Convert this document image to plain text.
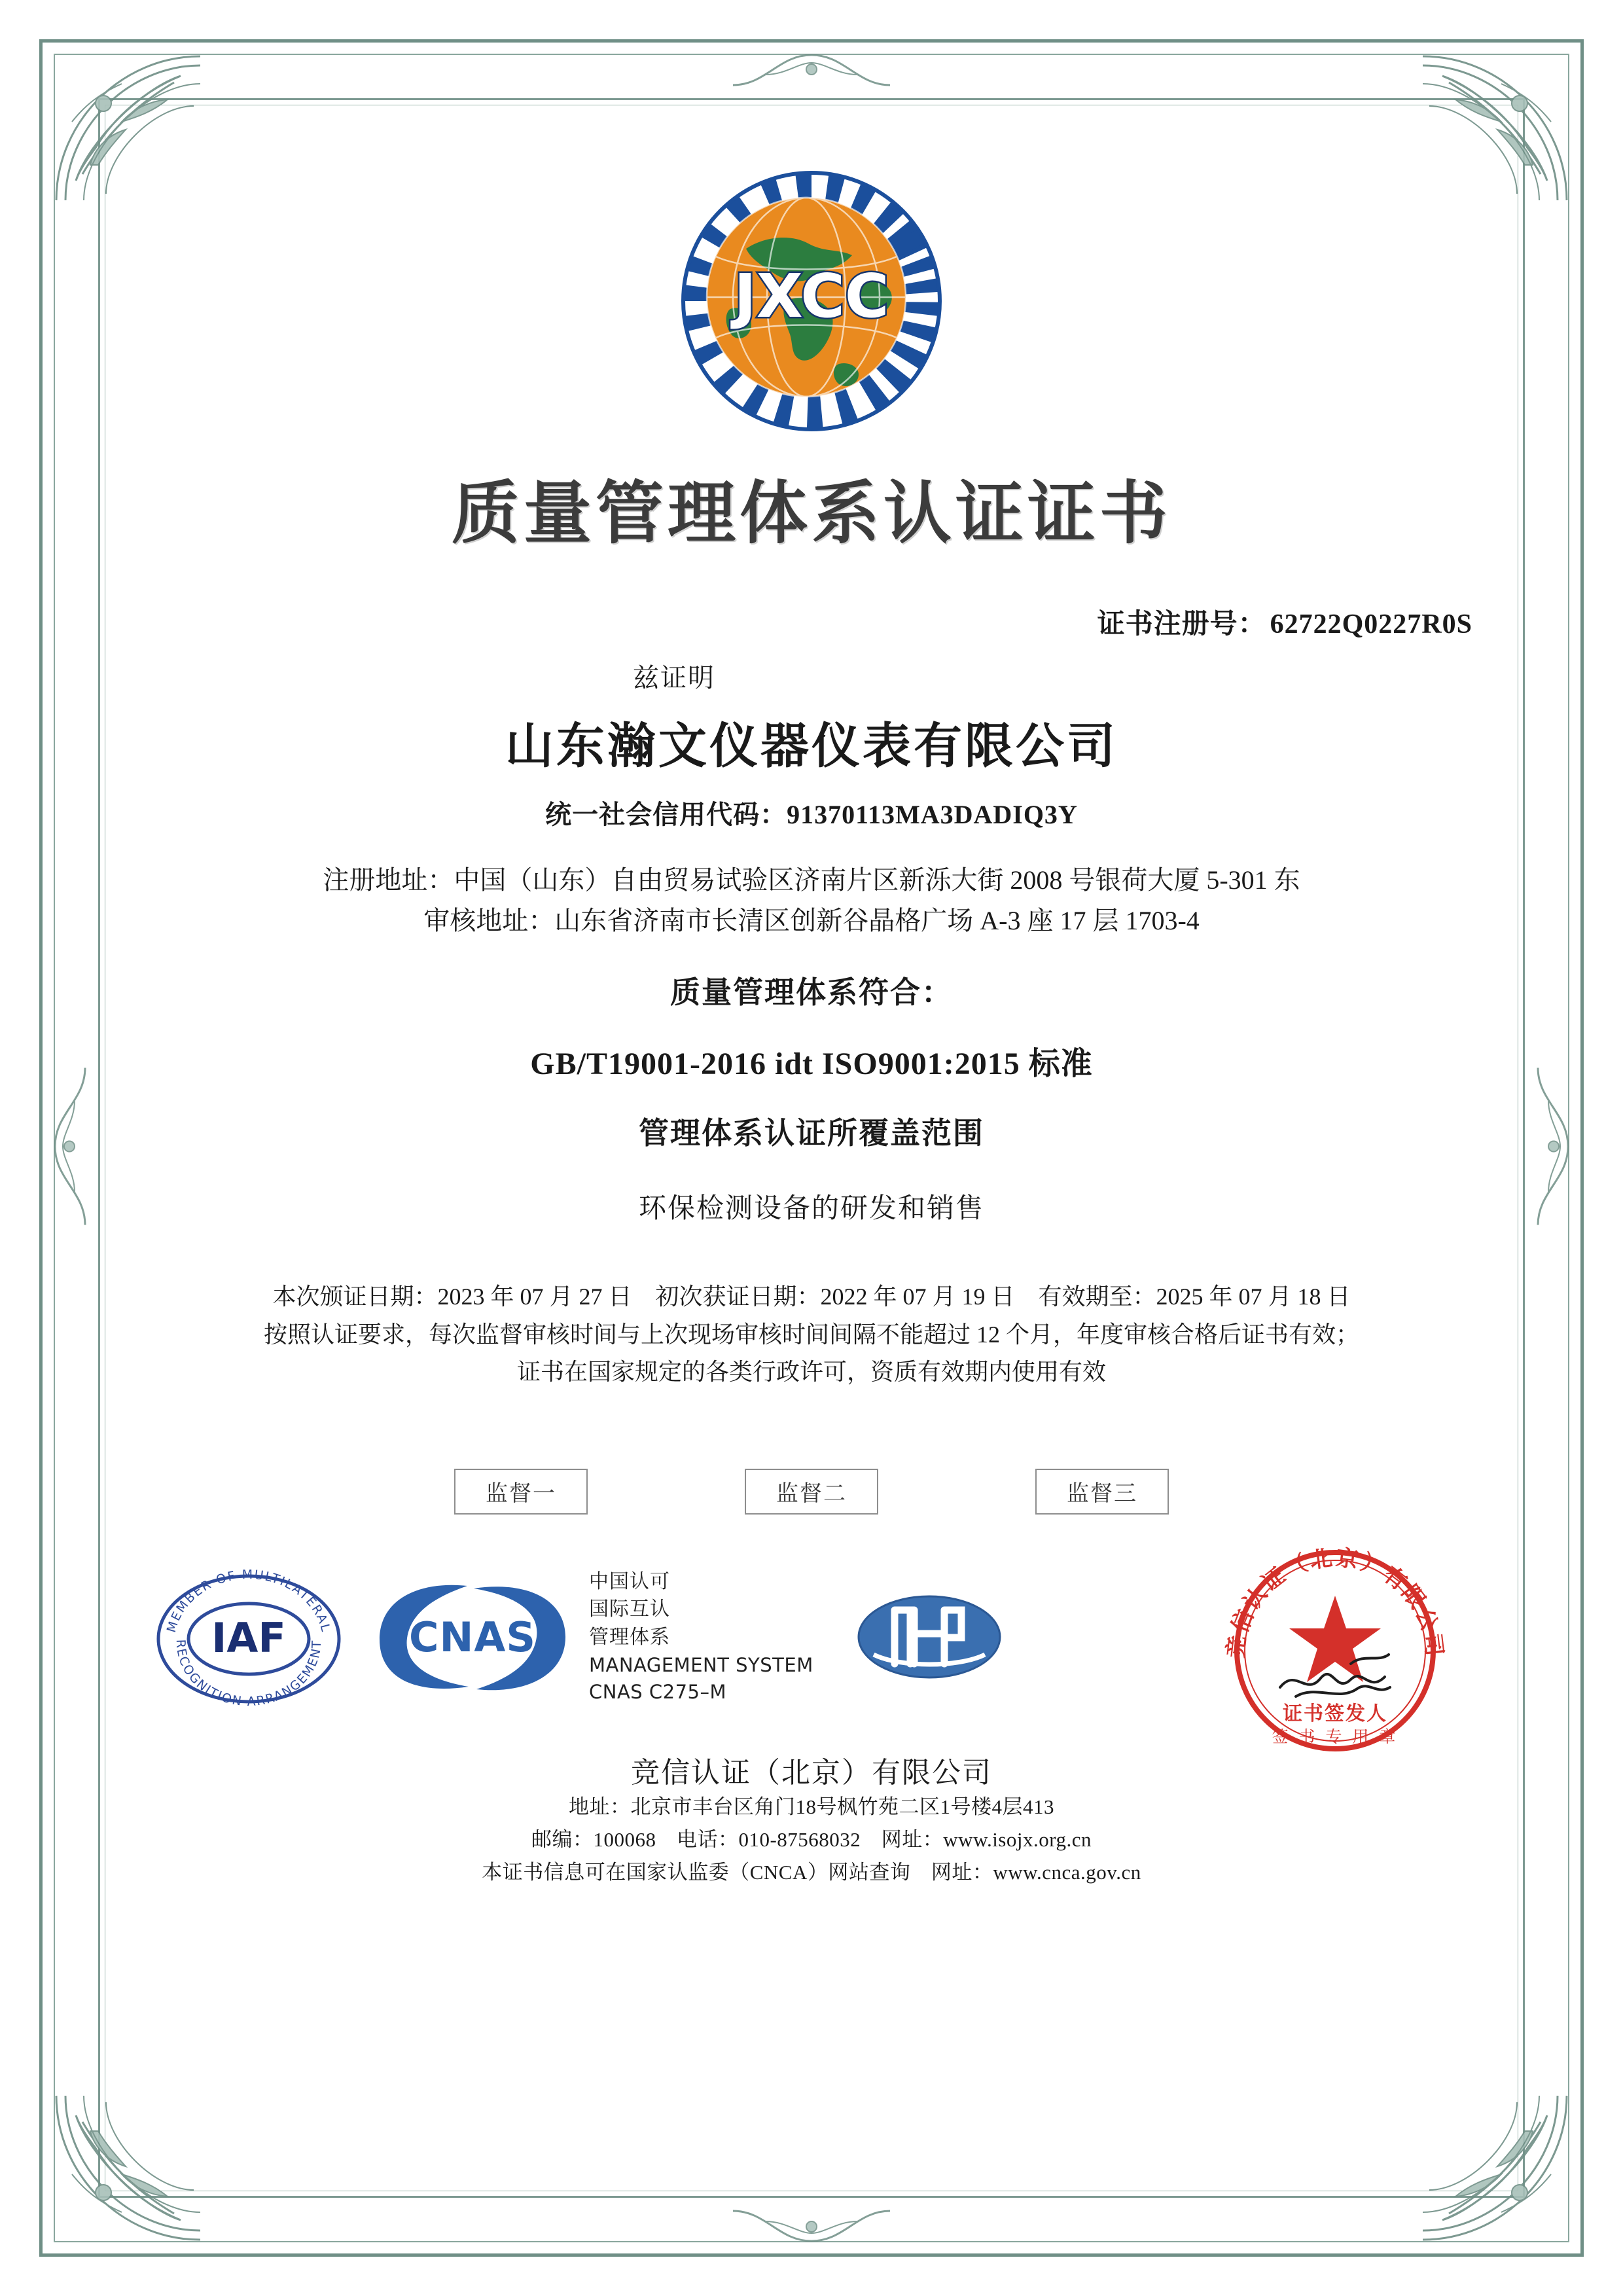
JXCC
质量管理体系认证证书
证书注册号： 62722Q0227R0S
兹证明
山东瀚文仪器仪表有限公司
统一社会信用代码：91370113MA3DADIQ3Y
注册地址：中国（山东）自由贸易试验区济南片区新泺大街 2008 号银荷大厦 5-301 东
审核地址：山东省济南市长清区创新谷晶格广场 A-3 座 17 层 1703-4
质量管理体系符合：
GB/T19001-2016 idt ISO9001:2015 标准
管理体系认证所覆盖范围
环保检测设备的研发和销售
本次颁证日期：2023 年 07 月 27 日　初次获证日期：2022 年 07 月 19 日　有效期至：2025 年 07 月 18 日
按照认证要求，每次监督审核时间与上次现场审核时间间隔不能超过 12 个月，年度审核合格后证书有效；
证书在国家规定的各类行政许可，资质有效期内使用有效
监督一	监督二	监督三
MEMBER OF MULTILATERAL
RECOGNITION ARRANGEMENT
IAF	CNAS
中国认可
国际互认
管理体系
MANAGEMENT SYSTEM
CNAS C275–M
竞信认证（北京）有限公司
证书签发人
签 书 专 用 章
竞信认证（北京）有限公司
地址：北京市丰台区角门18号枫竹苑二区1号楼4层413
邮编：100068　电话：010-87568032　网址：www.isojx.org.cn
本证书信息可在国家认监委（CNCA）网站查询　网址：www.cnca.gov.cn
